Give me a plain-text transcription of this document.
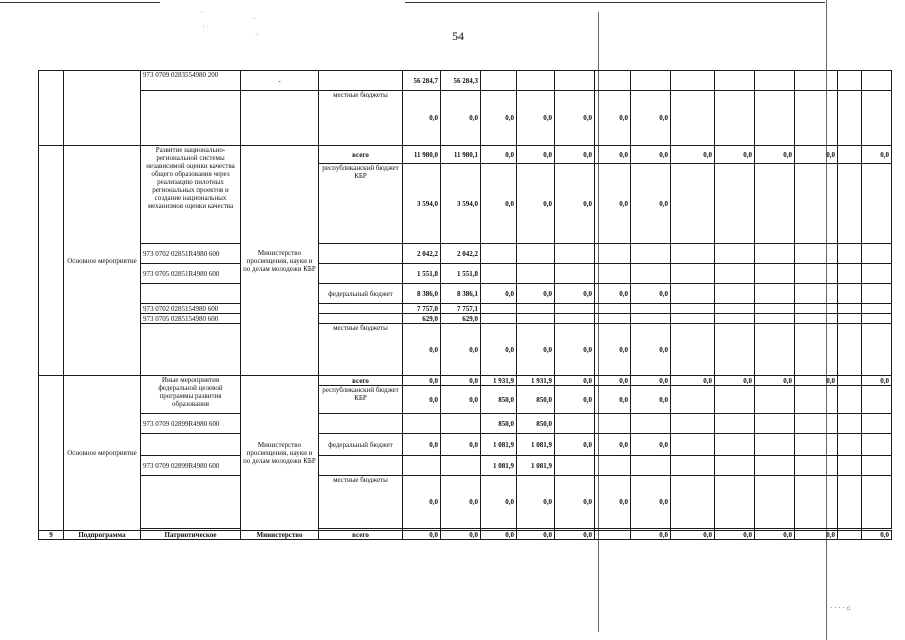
· ·
: ·
··
·:	54
		973 0709 0283554980 200	-		56 284,7	56 284,3												
				местные бюджеты	0,0	0,0	0,0	0,0	0,0	0,0	0,0							
	Основное мероприятие	Развитие национально-региональной системы независимой оценки качества общего образования через реализацию пилотных региональных проектов и создание национальных механизмов оценки качества	Министерство просвещения, науки и по делам молодежи КБР	всего	11 980,0	11 980,1	0,0	0,0	0,0	0,0	0,0	0,0	0,0	0,0	0,0		0,0	
				республиканский бюджет КБР	3 594,0	3 594,0	0,0	0,0	0,0	0,0	0,0							
		973 0702 02851R4980 600			2 042,2	2 042,2												
		973 0705 02851R4980 600			1 551,8	1 551,8												
				федеральный бюджет	8 386,0	8 386,1	0,0	0,0	0,0	0,0	0,0							
		973 0702 0285154980 600			7 757,0	7 757,1												
		973 0705 0285154980 600			629,0	629,0												
				местные бюджеты	0,0	0,0	0,0	0,0	0,0	0,0	0,0							
	Основное мероприятие	Иные мероприятия федеральной целевой программы развития образования	Министерство просвещения, науки и по делам молодежи КБР	всего	0,0	0,0	1 931,9	1 931,9	0,0	0,0	0,0	0,0	0,0	0,0	0,0		0,0	
				республиканский бюджет КБР	0,0	0,0	850,0	850,0	0,0	0,0	0,0							
		973 0709 02899R4980 600					850,0	850,0										
				федеральный бюджет	0,0	0,0	1 081,9	1 081,9	0,0	0,0	0,0							
		973 0709 02899R4980 600					1 081,9	1 081,9										
				местные бюджеты	0,0	0,0	0,0	0,0	0,0	0,0	0,0							

9	Подпрограмма	Патриотическое	Министерство	всего	0,0	0,0	0,0	0,0	0,0		0,0	0,0	0,0	0,0	0,0		0,0	
· · · · ⌂
